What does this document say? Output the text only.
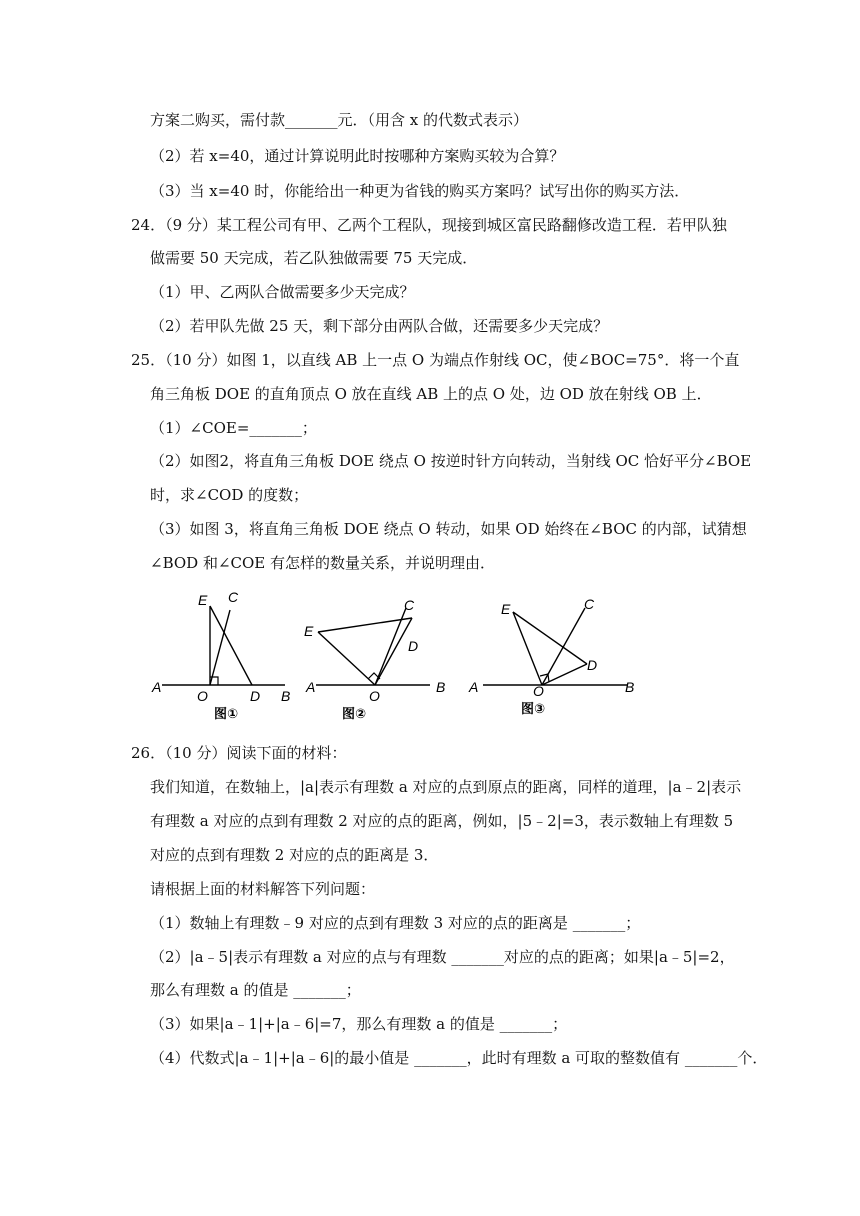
方案二购买，需付款_______元．（用含 x 的代数式表示）
（2）若 x=40，通过计算说明此时按哪种方案购买较为合算？
（3）当 x=40 时，你能给出一种更为省钱的购买方案吗？试写出你的购买方法．
24．（9 分）某工程公司有甲、乙两个工程队，现接到城区富民路翻修改造工程．若甲队独
做需要 50 天完成，若乙队独做需要 75 天完成．
（1）甲、乙两队合做需要多少天完成？
（2）若甲队先做 25 天，剩下部分由两队合做，还需要多少天完成？
25．（10 分）如图 1，以直线 AB 上一点 O 为端点作射线 OC，使∠BOC=75°．将一个直
角三角板 DOE 的直角顶点 O 放在直线 AB 上的点 O 处，边 OD 放在射线 OB 上．
（1）∠COE=_______；
（2）如图2，将直角三角板 DOE 绕点 O 按逆时针方向转动，当射线 OC 恰好平分∠BOE
时，求∠COD 的度数；
（3）如图 3，将直角三角板 DOE 绕点 O 转动，如果 OD 始终在∠BOC 的内部，试猜想
∠BOD 和∠COE 有怎样的数量关系，并说明理由．
E C
A
O	D B
图①
E
C
D
A
O
B
图②
E	C
D
A	O	B
图③
26．（10 分）阅读下面的材料：
我们知道，在数轴上，|a|表示有理数 a 对应的点到原点的距离，同样的道理，|a﹣2|表示
有理数 a 对应的点到有理数 2 对应的点的距离，例如，|5﹣2|=3，表示数轴上有理数 5
对应的点到有理数 2 对应的点的距离是 3．
请根据上面的材料解答下列问题：
（1）数轴上有理数﹣9 对应的点到有理数 3 对应的点的距离是 _______；
（2）|a﹣5|表示有理数 a 对应的点与有理数 _______对应的点的距离；如果|a﹣5|=2，
那么有理数 a 的值是 _______；
（3）如果|a﹣1|+|a﹣6|=7，那么有理数 a 的值是 _______；
（4）代数式|a﹣1|+|a﹣6|的最小值是 _______，此时有理数 a 可取的整数值有 _______个．
